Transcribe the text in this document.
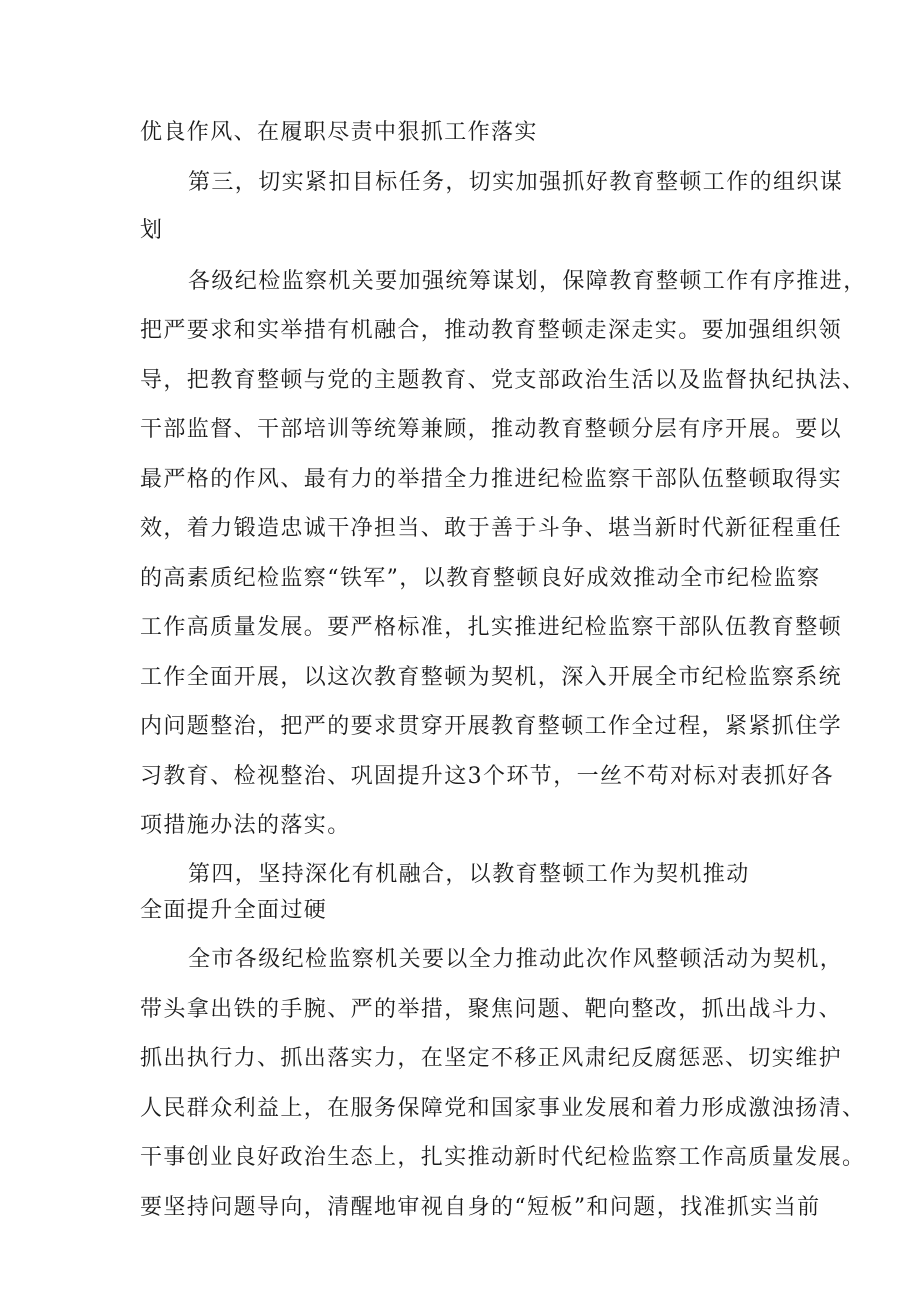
优良作风、在履职尽责中狠抓工作落实
第三，切实紧扣目标任务，切实加强抓好教育整顿工作的组织谋
划
各级纪检监察机关要加强统筹谋划，保障教育整顿工作有序推进，
把严要求和实举措有机融合，推动教育整顿走深走实。要加强组织领
导，把教育整顿与党的主题教育、党支部政治生活以及监督执纪执法、
干部监督、干部培训等统筹兼顾，推动教育整顿分层有序开展。要以
最严格的作风、最有力的举措全力推进纪检监察干部队伍整顿取得实
效，着力锻造忠诚干净担当、敢于善于斗争、堪当新时代新征程重任
的高素质纪检监察“铁军”，以教育整顿良好成效推动全市纪检监察
工作高质量发展。要严格标准，扎实推进纪检监察干部队伍教育整顿
工作全面开展，以这次教育整顿为契机，深入开展全市纪检监察系统
内问题整治，把严的要求贯穿开展教育整顿工作全过程，紧紧抓住学
习教育、检视整治、巩固提升这3个环节，一丝不苟对标对表抓好各
项措施办法的落实。
第四，坚持深化有机融合，以教育整顿工作为契机推动
全面提升全面过硬
全市各级纪检监察机关要以全力推动此次作风整顿活动为契机，
带头拿出铁的手腕、严的举措，聚焦问题、靶向整改，抓出战斗力、
抓出执行力、抓出落实力，在坚定不移正风肃纪反腐惩恶、切实维护
人民群众利益上，在服务保障党和国家事业发展和着力形成激浊扬清、
干事创业良好政治生态上，扎实推动新时代纪检监察工作高质量发展。
要坚持问题导向，清醒地审视自身的“短板”和问题，找准抓实当前
